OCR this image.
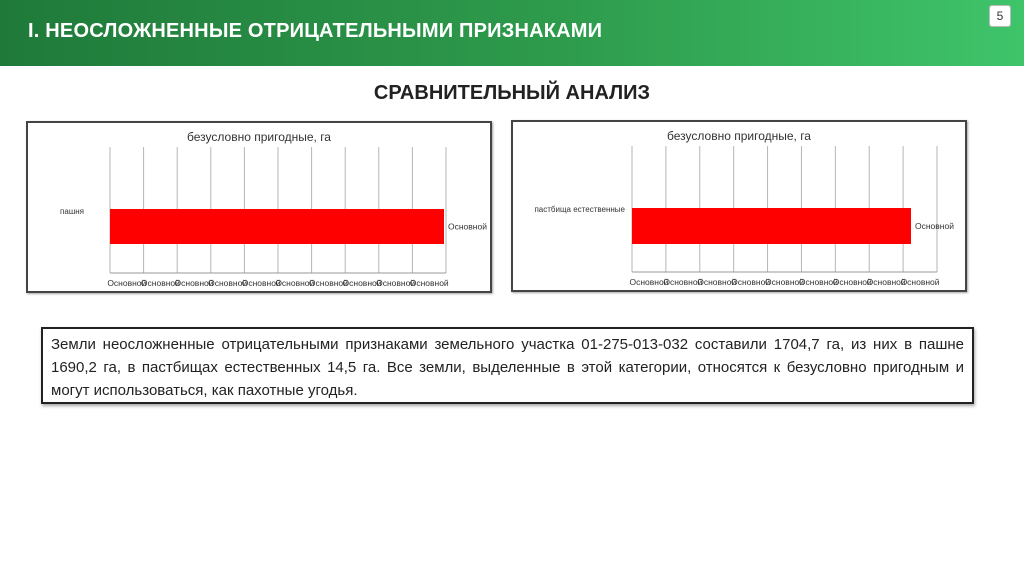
I. НЕОСЛОЖНЕННЫЕ ОТРИЦАТЕЛЬНЫМИ ПРИЗНАКАМИ
5
СРАВНИТЕЛЬНЫЙ АНАЛИЗ
безусловно пригодные, га
Основной
Основной
Основной
Основной
Основной
Основной
Основной
Основной
Основной
Основной
пашня
Основной
безусловно пригодные, га
Основной
Основной
Основной
Основной
Основной
Основной
Основной
Основной
Основной
пастбища естественные
Основной
Земли неосложненные отрицательными признаками земельного участка 01-275-013-032 составили 1704,7 га, из них в пашне 1690,2 га, в пастбищах естественных 14,5 га. Все земли, выделенные в этой категории, относятся к безусловно пригодным и могут использоваться, как пахотные угодья.
